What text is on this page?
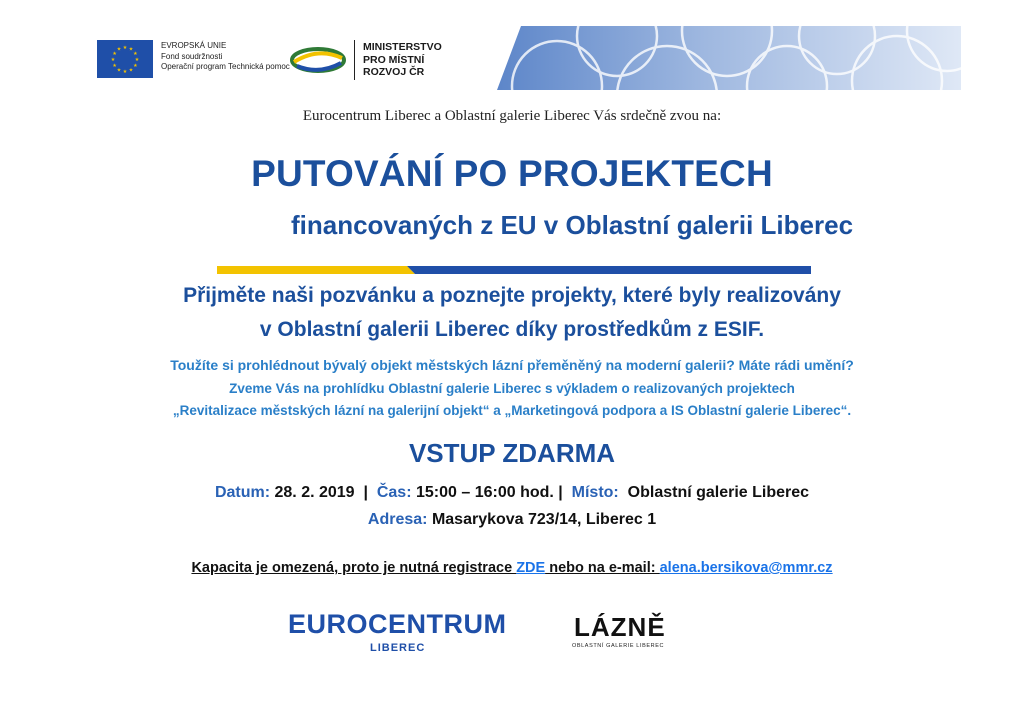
★ ★
★
★
★
★
★
★
★
★
★
★	EVROPSKÁ UNIE
Fond soudržnosti
Operační program Technická pomoc
MINISTERSTVO
PRO MÍSTNÍ
ROZVOJ ČR
Eurocentrum Liberec a Oblastní galerie Liberec Vás srdečně zvou na:
PUTOVÁNÍ PO PROJEKTECH
financovaných z EU v Oblastní galerii Liberec
Přijměte naši pozvánku a poznejte projekty, které byly realizovány
v Oblastní galerii Liberec díky prostředkům z ESIF.
Toužíte si prohlédnout bývalý objekt městských lázní přeměněný na moderní galerii? Máte rádi umění?
Zveme Vás na prohlídku Oblastní galerie Liberec s výkladem o realizovaných projektech
„Revitalizace městských lázní na galerijní objekt“ a „Marketingová podpora a IS Oblastní galerie Liberec“.
VSTUP ZDARMA
Datum: 28. 2. 2019 | Čas: 15:00 – 16:00 hod. | Místo: Oblastní galerie Liberec
Adresa: Masarykova 723/14, Liberec 1
Kapacita je omezená, proto je nutná registrace ZDE nebo na e-mail: alena.bersikova@mmr.cz
EUROCENTRUM
LIBEREC
LÁZNĚ
OBLASTNÍ GALERIE LIBEREC
